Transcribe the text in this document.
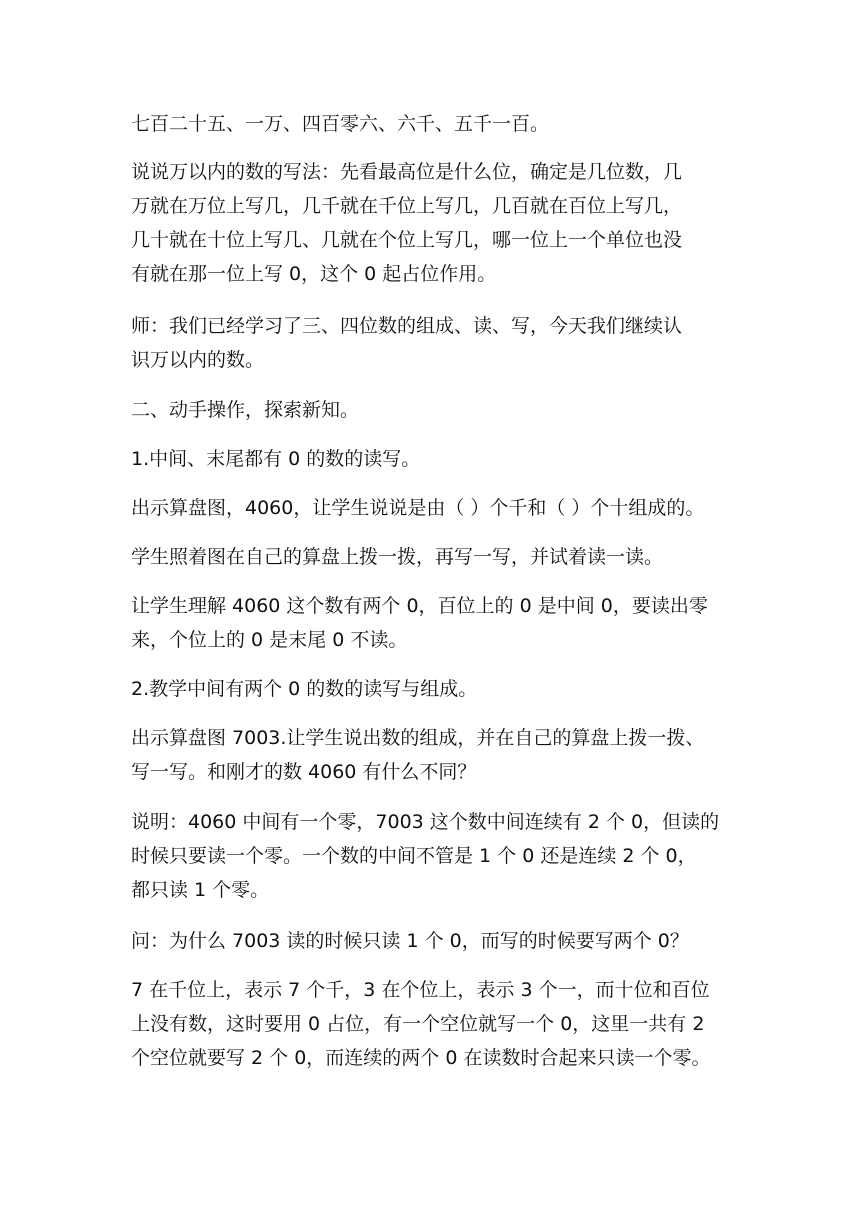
七百二十五、一万、四百零六、六千、五千一百。
说说万以内的数的写法：先看最高位是什么位，确定是几位数，几
万就在万位上写几，几千就在千位上写几，几百就在百位上写几，
几十就在十位上写几、几就在个位上写几，哪一位上一个单位也没
有就在那一位上写 0，这个 0 起占位作用。
师：我们已经学习了三、四位数的组成、读、写，今天我们继续认
识万以内的数。
二、动手操作，探索新知。
1.中间、末尾都有 0 的数的读写。
出示算盘图，4060，让学生说说是由（ ）个千和（ ）个十组成的。
学生照着图在自己的算盘上拨一拨，再写一写，并试着读一读。
让学生理解 4060 这个数有两个 0，百位上的 0 是中间 0，要读出零
来，个位上的 0 是末尾 0 不读。
2.教学中间有两个 0 的数的读写与组成。
出示算盘图 7003.让学生说出数的组成，并在自己的算盘上拨一拨、
写一写。和刚才的数 4060 有什么不同？
说明：4060 中间有一个零，7003 这个数中间连续有 2 个 0，但读的
时候只要读一个零。一个数的中间不管是 1 个 0 还是连续 2 个 0，
都只读 1 个零。
问：为什么 7003 读的时候只读 1 个 0，而写的时候要写两个 0？
7 在千位上，表示 7 个千，3 在个位上，表示 3 个一，而十位和百位
上没有数，这时要用 0 占位，有一个空位就写一个 0，这里一共有 2
个空位就要写 2 个 0，而连续的两个 0 在读数时合起来只读一个零。
